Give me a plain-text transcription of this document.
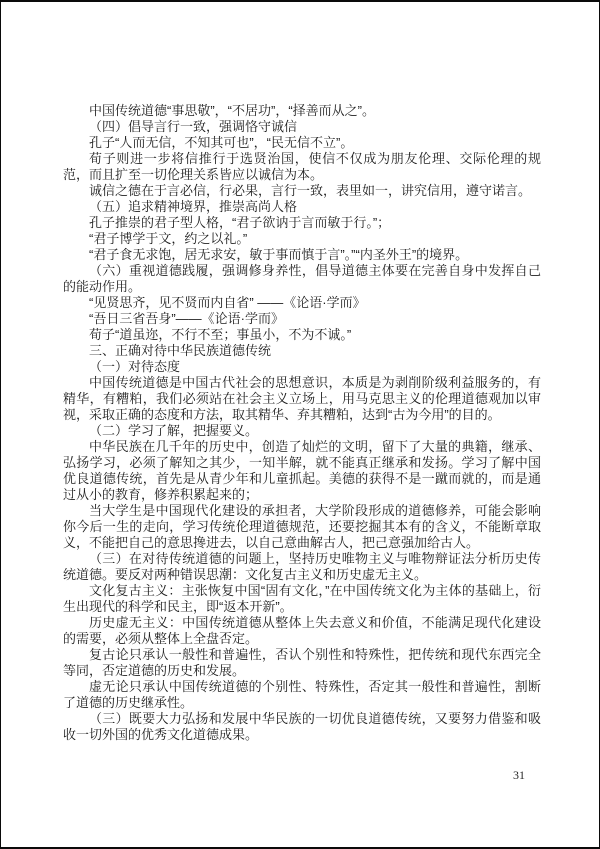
中国传统道德“事思敬”，“不居功”，“择善而从之”。

（四）倡导言行一致，强调恪守诚信

孔子“人而无信，不知其可也”，“民无信不立”。

荀子则进一步将信推行于选贤治国，使信不仅成为朋友伦理、交际伦理的规范，而且扩至一切伦理关系皆应以诚信为本。

诚信之德在于言必信，行必果，言行一致，表里如一，讲究信用，遵守诺言。

（五）追求精神境界，推崇高尚人格

孔子推崇的君子型人格，“君子欲讷于言而敏于行。”；

“君子博学于文，约之以礼。”

“君子食无求饱，居无求安，敏于事而慎于言”。”“内圣外王”的境界。

（六）重视道德践履，强调修身养性，倡导道德主体要在完善自身中发挥自己的能动作用。

“见贤思齐，见不贤而内自省” ——《论语·学而》

“吾日三省吾身”——《论语·学而》

荀子“道虽迩，不行不至；事虽小，不为不诚。”

三、正确对待中华民族道德传统

（一）对待态度

中国传统道德是中国古代社会的思想意识，本质是为剥削阶级利益服务的，有精华，有糟粕，我们必须站在社会主义立场上，用马克思主义的伦理道德观加以审视，采取正确的态度和方法，取其精华、弃其糟粕，达到“古为今用”的目的。

（二）学习了解，把握要义。

中华民族在几千年的历史中，创造了灿烂的文明，留下了大量的典籍，继承、弘扬学习，必须了解知之其少，一知半解，就不能真正继承和发扬。学习了解中国优良道德传统，首先是从青少年和儿童抓起。美德的获得不是一蹴而就的，而是通过从小的教育，修养积累起来的；

当大学生是中国现代化建设的承担者，大学阶段形成的道德修养，可能会影响你今后一生的走向，学习传统伦理道德规范，还要挖掘其本有的含义，不能断章取义，不能把自己的意思搀进去，以自己意曲解古人，把己意强加给古人。

（三）在对待传统道德的问题上，坚持历史唯物主义与唯物辩证法分析历史传统道德。要反对两种错误思潮：文化复古主义和历史虚无主义。

文化复古主义：主张恢复中国“固有文化，”在中国传统文化为主体的基础上，衍生出现代的科学和民主，即“返本开新”。

历史虚无主义：中国传统道德从整体上失去意义和价值，不能满足现代化建设的需要，必须从整体上全盘否定。

复古论只承认一般性和普遍性，否认个别性和特殊性，把传统和现代东西完全等同，否定道德的历史和发展。

虚无论只承认中国传统道德的个别性、特殊性，否定其一般性和普遍性，割断了道德的历史继承性。

（三）既要大力弘扬和发展中华民族的一切优良道德传统，又要努力借鉴和吸收一切外国的优秀文化道德成果。

31
